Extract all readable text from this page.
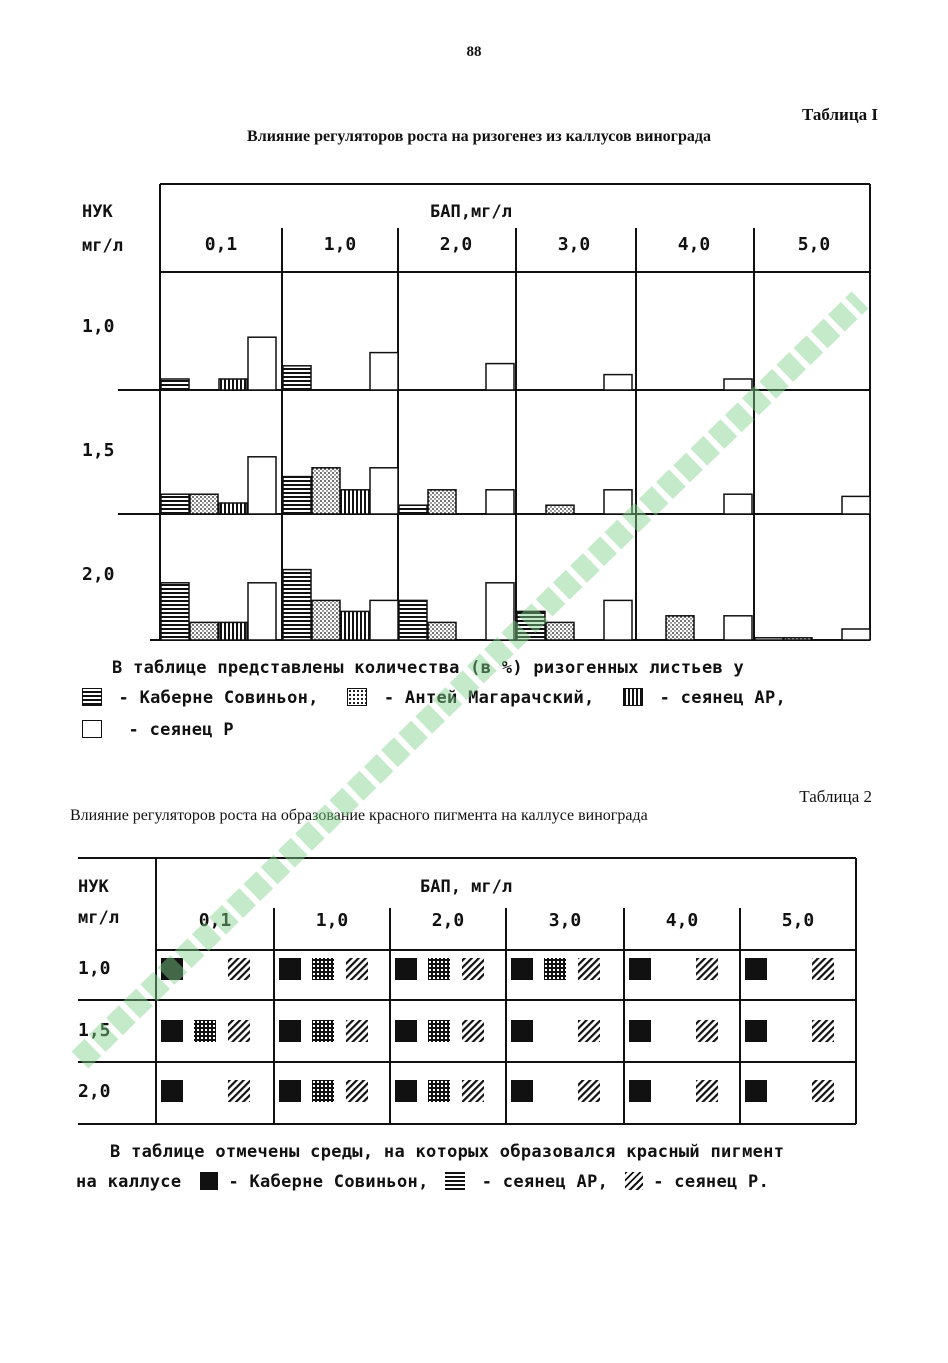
88
Таблица I
Влияние регуляторов роста на ризогенез из каллусов винограда
НУК
мг/л
БАП,мг/л
0,1	1,0	2,0	3,0	4,0	5,0
1,0
1,5
2,0
В таблице представлены количества (в %) ризогенных листьев у
- Каберне Совиньон,	- Антей Магарачский,	- сеянец АР,
- сеянец Р
Таблица 2
Влияние регуляторов роста на образование красного пигмента на каллусе винограда
НУК
мг/л
БАП, мг/л
0,1	1,0	2,0	3,0	4,0	5,0
1,0
1,5
2,0
В таблице отмечены среды, на которых образовался красный пигмент
на каллусе	- Каберне Совиньон,	- сеянец АР,	- сеянец Р.
